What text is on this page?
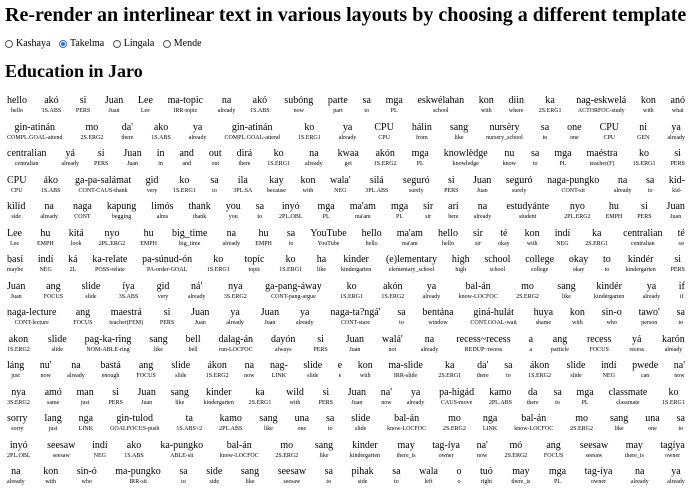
Re-render an interlinear text in various layouts by choosing a different template
Kashaya
Takelma
Lingala
Mende
Education in Jaro
hello
hello
akó
1S.ABS
si
PERS
Juan
Juan
Lee
Lee
ma-topic
IRR-topic
na
already
akó
1S.ABS
subóng
now
parte
part
sa
to
mga
PL
eskwélahan
school
kon
with
diin
where
ka
2S.ERG1
nag-eskwelá
ACTORFOC-study
kon
with
anó
what
gin-atinán
COMPL.GOAL-attend
mo
2S.ERG2
da'
there
ako
1S.ABS
ya
already
gin-atinán
COMPL.GOAL-attend
ko
1S.ERG1
ya
already
CPU
CPU
hálin
from
sang
like
nursèry
nursery_school
sa
to
one
one
CPU
CPU
ni
GEN
ya
already
centralian
centralian
yá
already
si
PERS
Juan
Juan
in
in
and
and
out
out
dirá
there
ko
1S.ERG1
na
already
kwaa
get
akón
1S.ERG2
mga
PL
knowlèdge
knowledge
nu
know
sa
to
mga
PL
maéstra
teacher(F)
ko
1S.ERG1
si
PERS
CPU
CPU
áko
1S.ABS
ga-pa-salámat
CONT-CAUS-thank
gid
very
ko
1S.ERG1
sa
to
íla
3PL.SA
kay
because
kon
with
wala'
NEG
silá
3PL.ABS
seguró
surely
si
PERS
Juan
Juan
seguró
surely
naga-pungko
CONT-sit
na
already
sa
to
kid-
kid-
kilíd
side
na
already
naga
CONT
kapung
begging
limós
alms
thank
thank
you
you
sa
to
inyó
2PL.OBL
mga
PL
ma'am
ma'am
mga
PL
sir
sir
arí
here
na
already
estudyánte
student
nyo
2PL.ERG2
hu
EMPH
si
PERS
Juan
Juan
Lee
Lee
hu
EMPH
kitá
look
nyo
2PL.ERG2
hu
EMPH
big_time
big_time
na
already
hu
EMPH
sa
to
YouTube
YouTube
hello
hello
ma'am
ma'am
hello
hello
sir
sir
té
okay
kon
with
indí
NEG
ka
2S.ERG1
centralian
centralian
té
so
basí
maybe
indí
NEG
ká
2L
ka-relate
POSS-relate
pa-súnud-ón
PA-order-GOAL
ko
1S.ERG1
topíc
topic
ko
1S.ERG1
ha
like
kinder
kindergarten
(e)lementary
elementary_school
high
high
school
school
college
college
okay
okay
to
to
kindér
kindergarten
si
PERS
Juan
Juan
ang
FOCUS
slide
slide
íya
3S.ABS
gid
very
ná'
already
nya
3S.ERG2
ga-pang-áway
CONT-pang-argue
ko
1S.ERG1
akón
1S.ERG2
ya
already
bal-án
know-LOCFOC
mo
2S.ERG2
sang
like
kindér
kindergarten
ya
already
if
if
naga-lecture
CONT-lecture
ang
FOCUS
maestrá
teacher(FEM)
si
PERS
Juan
Juan
ya
already
Juan
Juan
ya
already
naga-ta?ngá'
CONT-stare
sa
to
bentána
window
giná-hulát
CONT.GOAL-wait
huya
shame
kon
with
sin-o
who
tawo'
person
sa
to
akon
1S.ERG2
slide
slide
pag-ka-ring
NOM-ABLE-ring
sang
like
bell
bell
dalag-án
run-LOCFOC
dayón
always
si
PERS
Juan
Juan
walá'
not
na
already
recess~recess
REDUP~recess
a
a
ang
particle
recess
FOCUS
yá
recess
karón
already
láng
just
nu'
now
na
already
bastá
enough
ang
FOCUS
slide
slide
ákon
1S.ERG2
na
now
nag-
LINK
slide
slide
e
e
kon
with
ma-slide
IRR-slide
ka
2S.ERG1
da'
there
sa
to
ákon
1S.ERG2
slide
slide
indí
NEG
pwede
can
na'
now
nya
3S.ERG2
amó
same
man
just
si
PERS
Juan
Juan
sang
like
kinder
kindergarten
ka
2S.ERG1
wild
with
si
PERS
Juan
Juan
na'
now
ya
already
pa-higád
CAUS-move
kamo
2PL.ABS
da
there
sa
to
mga
PL
classmate
classmate
ko
1S.ERG1
sorry
sorry
lang
just
nga
LINK
gin-tulod
GOALFOCUS-push
ta
1S.ABS<2
kamo
2PL.ABS
sang
like
una
one
sa
to
slide
slide
bal-án
know-LOCFOC
mo
2S.ERG2
nga
LINK
bal-án
know-LOCFOC
mo
2S.ERG2
sang
like
una
one
sa
to
inyó
2PL.OBL
seesaw
seesaw
indí
NEG
ako
1S.ABS
ka-pungko
ABLE-sit
bal-án
know-LOCFOC
mo
2S.ERG2
sang
like
kinder
kindergarten
may
there_is
tag-íya
owner
na'
now
mó
2S.ERG2
ang
FOCUS
seesaw
seesaw
may
there_is
tagíya
owner
na
already
kon
with
sin-ó
who
ma-pungko
IRR-sit
sa
to
side
side
sang
like
seesaw
seesaw
sa
to
pihak
side
sa
to
wala
left
o
o
tuó
right
may
there_is
mga
PL
tag-íya
owner
na
already
ya
already
